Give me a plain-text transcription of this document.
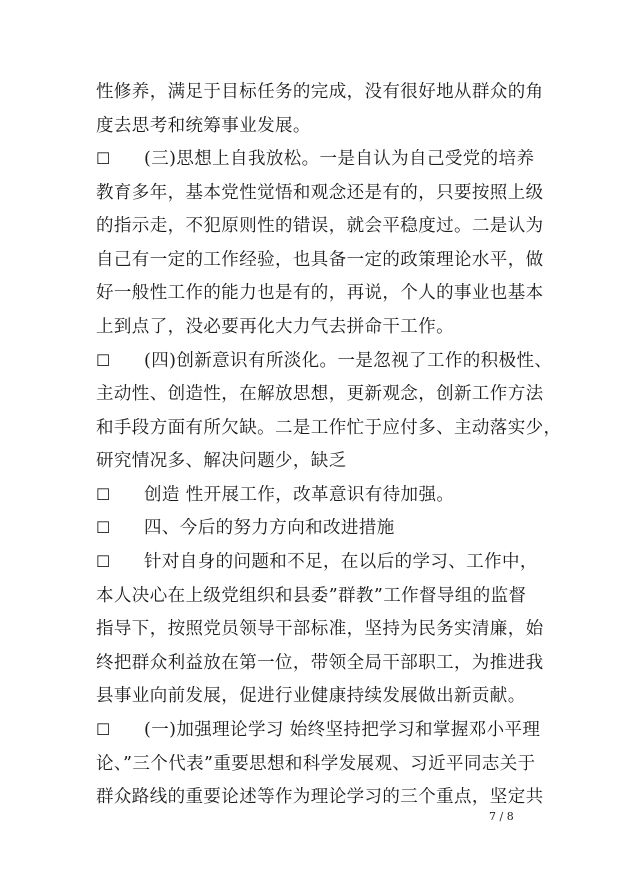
性修养，满足于目标任务的完成，没有很好地从群众的角
度去思考和统筹事业发展。
☐ (三)思想上自我放松。一是自认为自己受党的培养
教育多年，基本党性觉悟和观念还是有的，只要按照上级
的指示走，不犯原则性的错误，就会平稳度过。二是认为
自己有一定的工作经验，也具备一定的政策理论水平，做
好一般性工作的能力也是有的，再说，个人的事业也基本
上到点了，没必要再化大力气去拼命干工作。
☐ (四)创新意识有所淡化。一是忽视了工作的积极性、
主动性、创造性，在解放思想，更新观念，创新工作方法
和手段方面有所欠缺。二是工作忙于应付多、主动落实少，
研究情况多、解决问题少，缺乏
☐ 创造 性开展工作，改革意识有待加强。
☐ 四、今后的努力方向和改进措施
☐ 针对自身的问题和不足，在以后的学习、工作中，
本人决心在上级党组织和县委”群教”工作督导组的监督
指导下，按照党员领导干部标准，坚持为民务实清廉，始
终把群众利益放在第一位，带领全局干部职工，为推进我
县事业向前发展，促进行业健康持续发展做出新贡献。
☐ (一)加强理论学习 始终坚持把学习和掌握邓小平理
论、”三个代表”重要思想和科学发展观、习近平同志关于
群众路线的重要论述等作为理论学习的三个重点，坚定共
7 / 8
